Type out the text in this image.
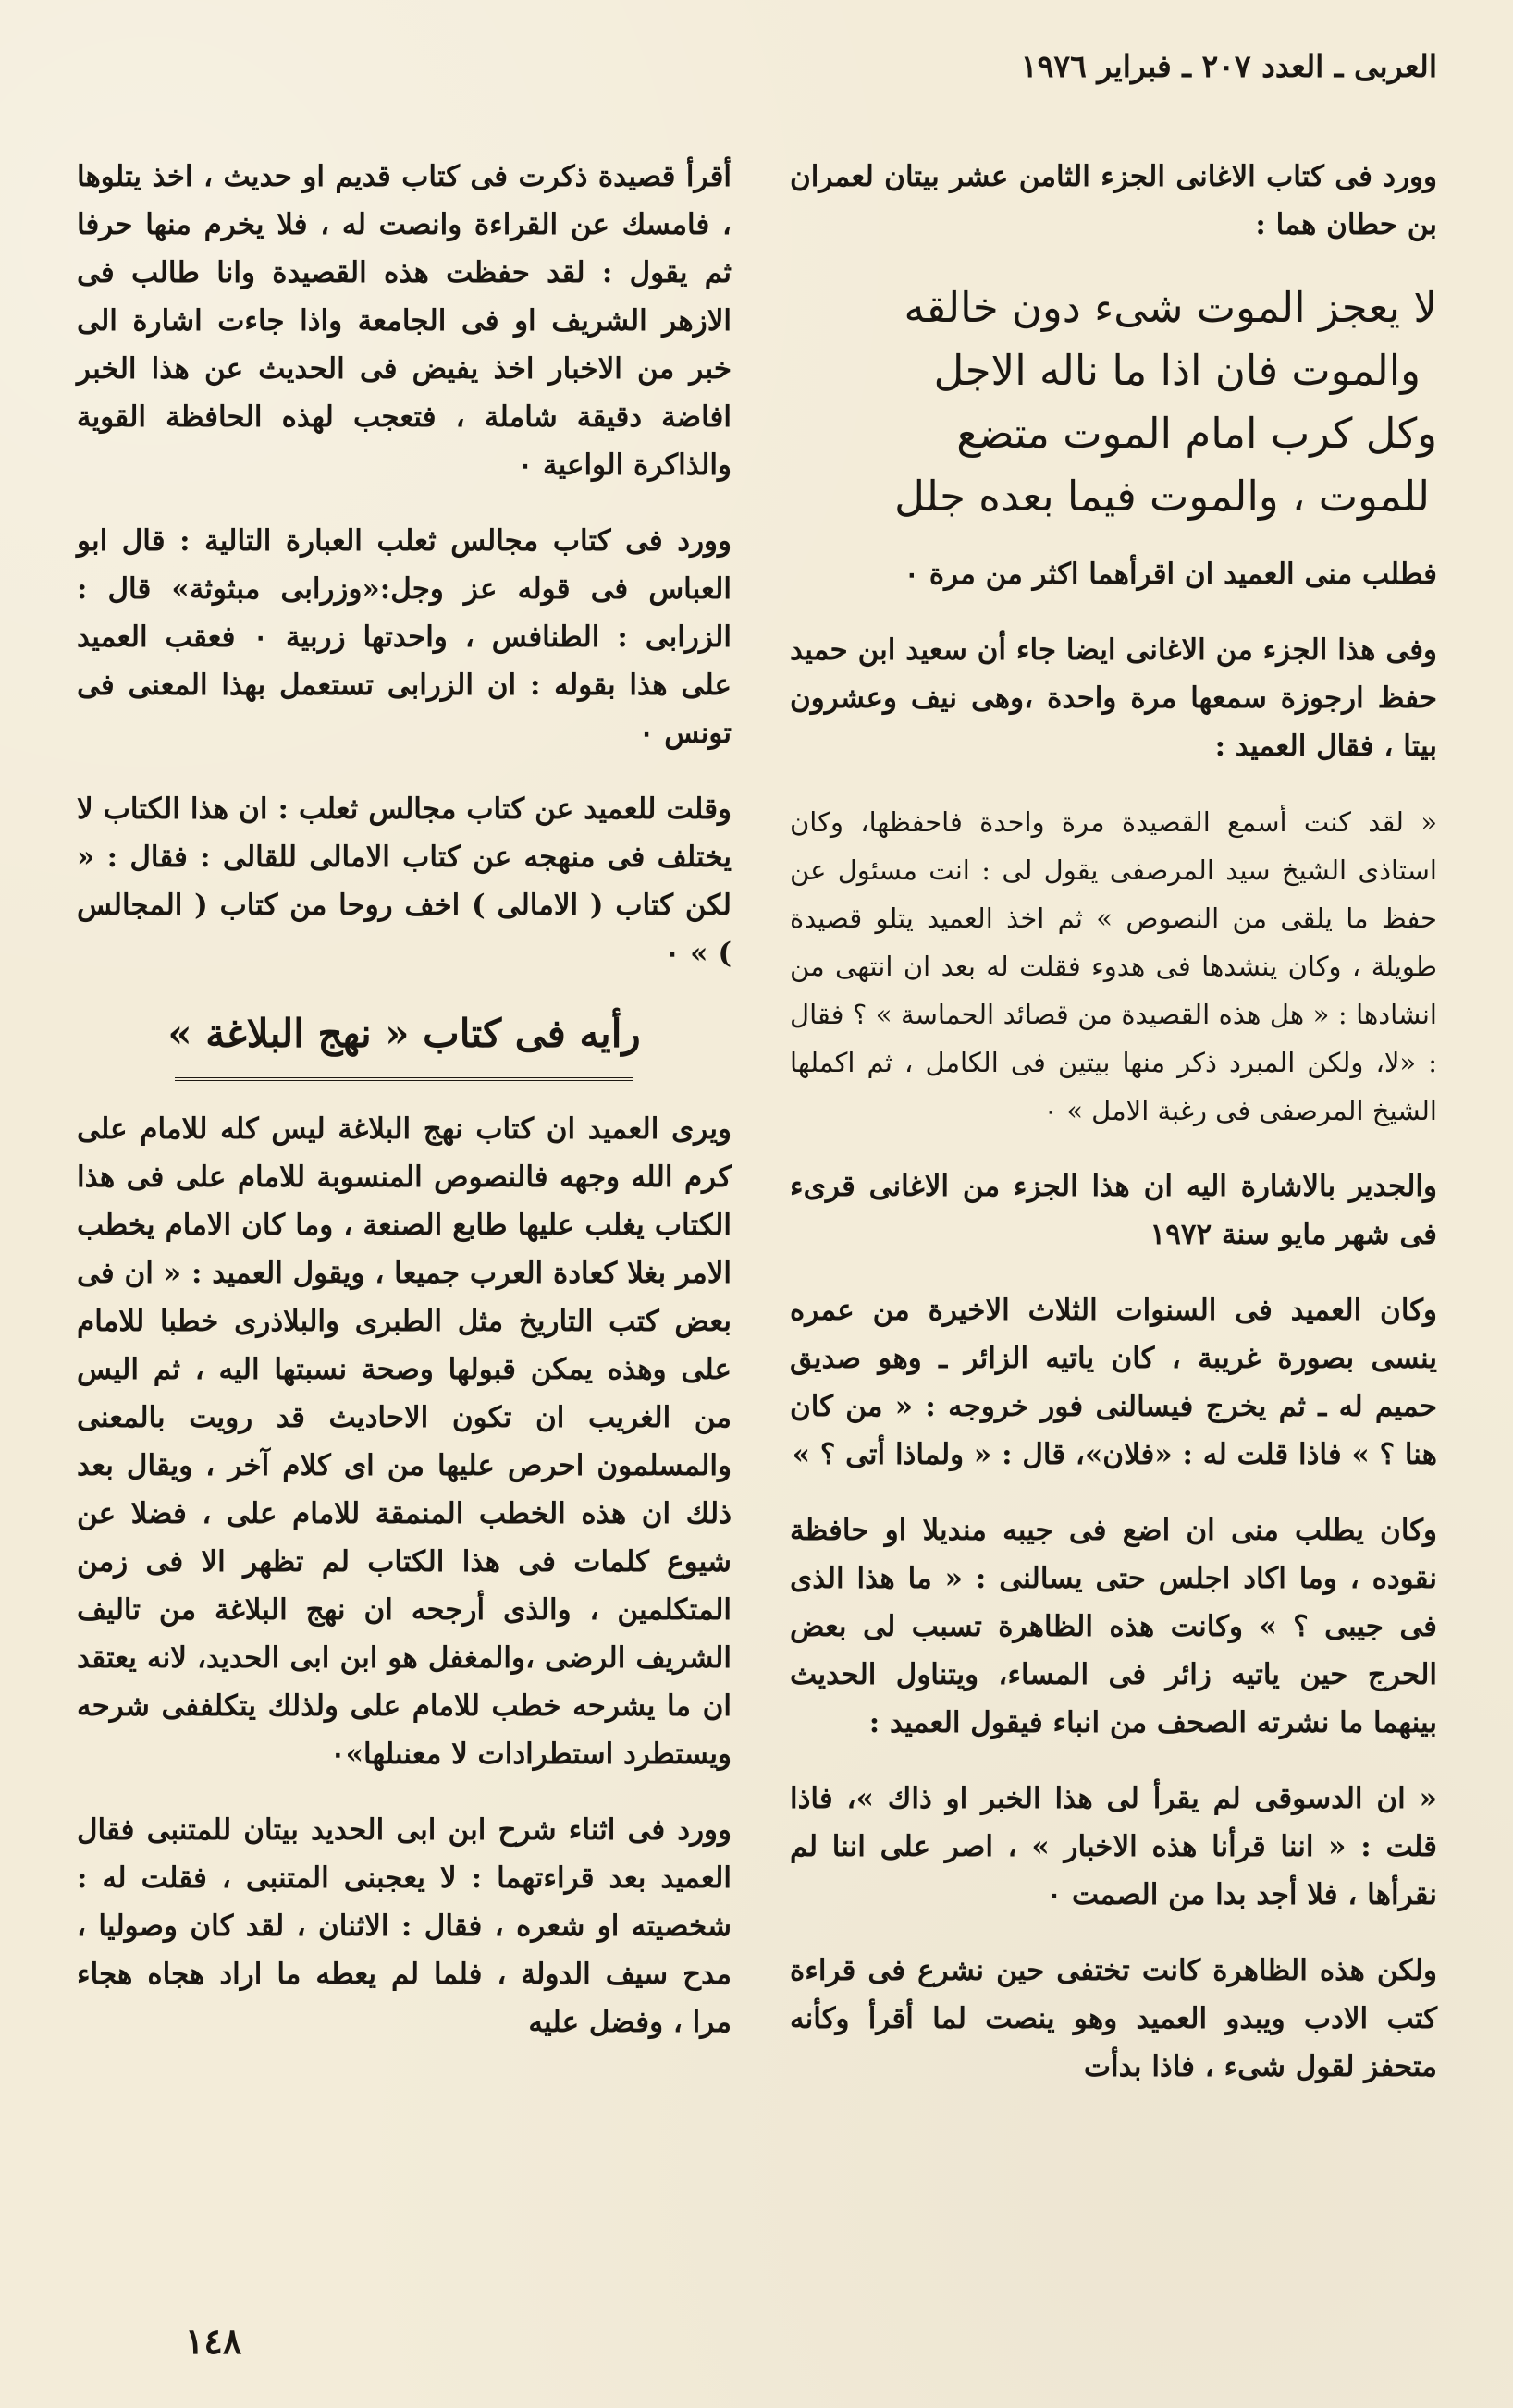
العربى ـ العدد ٢٠٧ ـ فبراير ١٩٧٦

وورد فى كتاب الاغانى الجزء الثامن عشر بيتان لعمران بن حطان هما :

لا يعجز الموت شىء دون خالقه
والموت فان اذا ما ناله الاجل
وكل كرب امام الموت متضع
للموت ، والموت فيما بعده جلل

فطلب منى العميد ان اقرأهما اكثر من مرة ٠

وفى هذا الجزء من الاغانى ايضا جاء أن سعيد ابن حميد حفظ ارجوزة سمعها مرة واحدة ،وهى نيف وعشرون بيتا ، فقال العميد :

« لقد كنت أسمع القصيدة مرة واحدة فاحفظها، وكان استاذى الشيخ سيد المرصفى يقول لى : انت مسئول عن حفظ ما يلقى من النصوص » ثم اخذ العميد يتلو قصيدة طويلة ، وكان ينشدها فى هدوء فقلت له بعد ان انتهى من انشادها : « هل هذه القصيدة من قصائد الحماسة » ؟ فقال : «لا، ولكن المبرد ذكر منها بيتين فى الكامل ، ثم اكملها الشيخ المرصفى فى رغبة الامل » ٠

والجدير بالاشارة اليه ان هذا الجزء من الاغانى قرىء فى شهر مايو سنة ١٩٧٢

وكان العميد فى السنوات الثلاث الاخيرة من عمره ينسى بصورة غريبة ، كان ياتيه الزائر ـ وهو صديق حميم له ـ ثم يخرج فيسالنى فور خروجه : « من كان هنا ؟ » فاذا قلت له : «فلان»، قال : « ولماذا أتى ؟ »

وكان يطلب منى ان اضع فى جيبه منديلا او حافظة نقوده ، وما اكاد اجلس حتى يسالنى : « ما هذا الذى فى جيبى ؟ » وكانت هذه الظاهرة تسبب لى بعض الحرج حين ياتيه زائر فى المساء، ويتناول الحديث بينهما ما نشرته الصحف من انباء فيقول العميد :

« ان الدسوقى لم يقرأ لى هذا الخبر او ذاك »، فاذا قلت : « اننا قرأنا هذه الاخبار » ، اصر على اننا لم نقرأها ، فلا أجد بدا من الصمت ٠

ولكن هذه الظاهرة كانت تختفى حين نشرع فى قراءة كتب الادب ويبدو العميد وهو ينصت لما أقرأ وكأنه متحفز لقول شىء ، فاذا بدأت

أقرأ قصيدة ذكرت فى كتاب قديم او حديث ، اخذ يتلوها ، فامسك عن القراءة وانصت له ، فلا يخرم منها حرفا ثم يقول : لقد حفظت هذه القصيدة وانا طالب فى الازهر الشريف او فى الجامعة واذا جاءت اشارة الى خبر من الاخبار اخذ يفيض فى الحديث عن هذا الخبر افاضة دقيقة شاملة ، فتعجب لهذه الحافظة القوية والذاكرة الواعية ٠

وورد فى كتاب مجالس ثعلب العبارة التالية : قال ابو العباس فى قوله عز وجل:«وزرابى مبثوثة» قال : الزرابى : الطنافس ، واحدتها زربية ٠ فعقب العميد على هذا بقوله : ان الزرابى تستعمل بهذا المعنى فى تونس ٠

وقلت للعميد عن كتاب مجالس ثعلب : ان هذا الكتاب لا يختلف فى منهجه عن كتاب الامالى للقالى : فقال : « لكن كتاب ( الامالى ) اخف روحا من كتاب ( المجالس ) » ٠

رأيه فى كتاب « نهج البلاغة »

ويرى العميد ان كتاب نهج البلاغة ليس كله للامام على كرم الله وجهه فالنصوص المنسوبة للامام على فى هذا الكتاب يغلب عليها طابع الصنعة ، وما كان الامام يخطب الامر بغلا كعادة العرب جميعا ، ويقول العميد : « ان فى بعض كتب التاريخ مثل الطبرى والبلاذرى خطبا للامام على وهذه يمكن قبولها وصحة نسبتها اليه ، ثم اليس من الغريب ان تكون الاحاديث قد رويت بالمعنى والمسلمون احرص عليها من اى كلام آخر ، ويقال بعد ذلك ان هذه الخطب المنمقة للامام على ، فضلا عن شيوع كلمات فى هذا الكتاب لم تظهر الا فى زمن المتكلمين ، والذى أرجحه ان نهج البلاغة من تاليف الشريف الرضى ،والمغفل هو ابن ابى الحديد، لانه يعتقد ان ما يشرحه خطب للامام على ولذلك يتكلففى شرحه ويستطرد استطرادات لا معنىلها»٠

وورد فى اثناء شرح ابن ابى الحديد بيتان للمتنبى فقال العميد بعد قراءتهما : لا يعجبنى المتنبى ، فقلت له : شخصيته او شعره ، فقال : الاثنان ، لقد كان وصوليا ، مدح سيف الدولة ، فلما لم يعطه ما اراد هجاه هجاء مرا ، وفضل عليه

١٤٨
